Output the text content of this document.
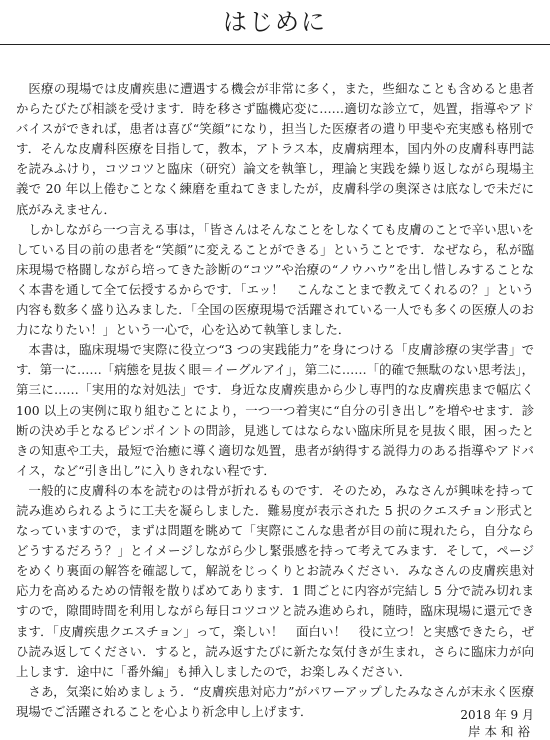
はじめに

医療の現場では皮膚疾患に遭遇する機会が非常に多く，また，些細なことも含めると患者からたびたび相談を受けます．時を移さず臨機応変に……適切な診立て，処置，指導やアドバイスができれば，患者は喜び“笑顔”になり，担当した医療者の遣り甲斐や充実感も格別です．そんな皮膚科医療を目指して，教本，アトラス本，皮膚病理本，国内外の皮膚科専門誌を読みふけり，コツコツと臨床（研究）論文を執筆し，理論と実践を繰り返しながら現場主義で 20 年以上倦むことなく練磨を重ねてきましたが，皮膚科学の奥深さは底なしで未だに底がみえません．

しかしながら一つ言える事は，「皆さんはそんなことをしなくても皮膚のことで辛い思いをしている目の前の患者を“笑顔”に変えることができる」ということです．なぜなら，私が臨床現場で格闘しながら培ってきた診断の“コツ”や治療の“ノウハウ”を出し惜しみすることなく本書を通して全て伝授するからです．「エッ！　こんなことまで教えてくれるの？」という内容も数多く盛り込みました．「全国の医療現場で活躍されている一人でも多くの医療人のお力になりたい！」という一心で，心を込めて執筆しました．

本書は，臨床現場で実際に役立つ“3 つの実践能力”を身につける「皮膚診療の実学書」です．第一に……「病態を見抜く眼＝イーグルアイ」，第二に……「的確で無駄のない思考法」，第三に……「実用的な対処法」です．身近な皮膚疾患から少し専門的な皮膚疾患まで幅広く 100 以上の実例に取り組むことにより，一つ一つ着実に“自分の引き出し”を増やせます．診断の決め手となるピンポイントの問診，見逃してはならない臨床所見を見抜く眼，困ったときの知恵や工夫，最短で治癒に導く適切な処置，患者が納得する説得力のある指導やアドバイス，など“引き出し”に入りきれない程です．

一般的に皮膚科の本を読むのは骨が折れるものです．そのため，みなさんが興味を持って読み進められるように工夫を凝らしました．難易度が表示された 5 択のクエスチョン形式となっていますので，まずは問題を眺めて「実際にこんな患者が目の前に現れたら，自分ならどうするだろう？」とイメージしながら少し緊張感を持って考えてみます．そして，ページをめくり裏面の解答を確認して，解説をじっくりとお読みください．みなさんの皮膚疾患対応力を高めるための情報を散りばめてあります．1 問ごとに内容が完結し 5 分で読み切れますので，隙間時間を利用しながら毎日コツコツと読み進められ，随時，臨床現場に還元できます．「皮膚疾患クエスチョン」って，楽しい！　面白い！　役に立つ！と実感できたら，ぜひ読み返してください．すると，読み返すたびに新たな気付きが生まれ，さらに臨床力が向上します．途中に「番外編」も挿入しましたので，お楽しみください．

さあ，気楽に始めましょう．“皮膚疾患対応力”がパワーアップしたみなさんが末永く医療現場でご活躍されることを心より祈念申し上げます．	2018 年 9 月
岸本和裕
